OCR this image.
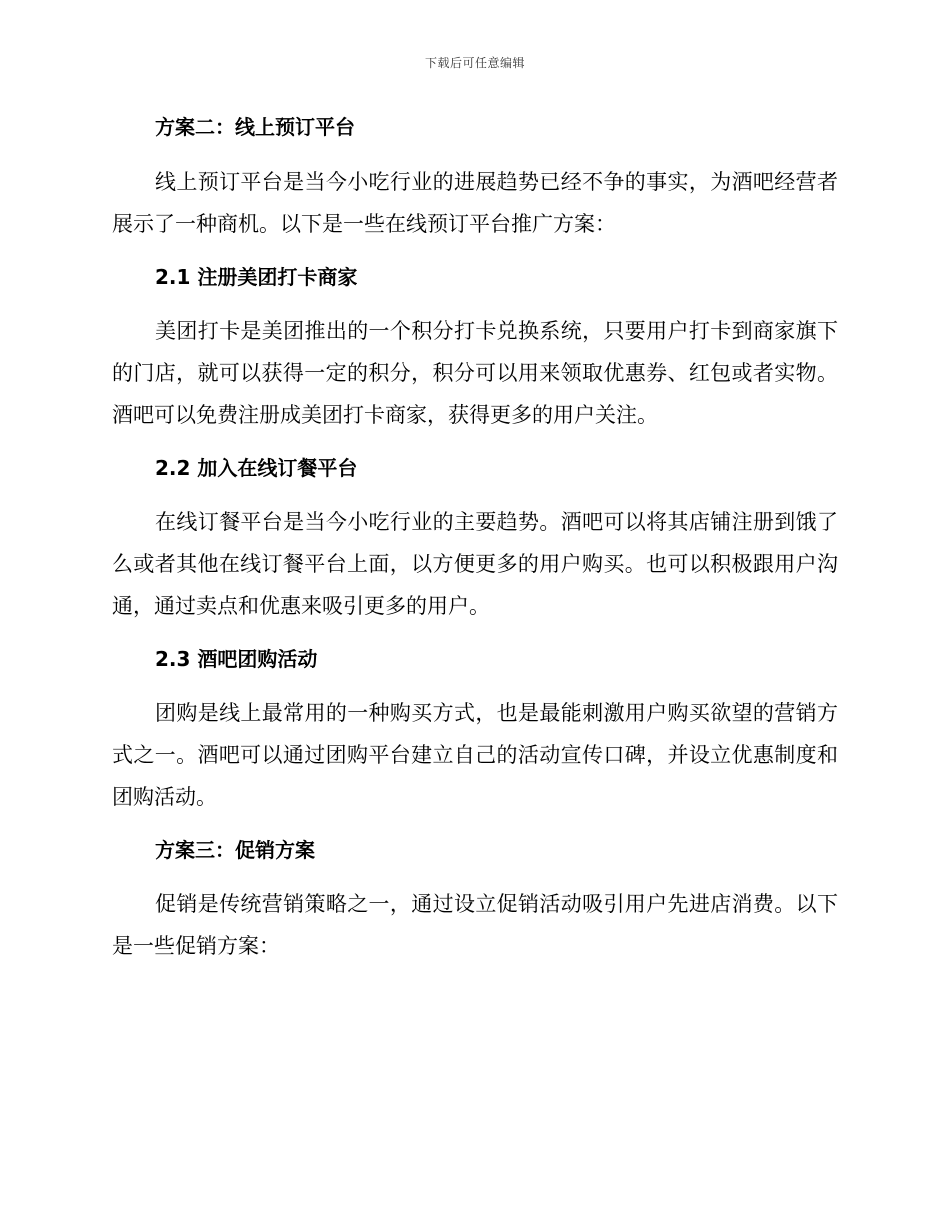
下载后可任意编辑
方案二：线上预订平台

线上预订平台是当今小吃行业的进展趋势已经不争的事实，为酒吧经营者展示了一种商机。以下是一些在线预订平台推广方案：

2.1 注册美团打卡商家

美团打卡是美团推出的一个积分打卡兑换系统，只要用户打卡到商家旗下的门店，就可以获得一定的积分，积分可以用来领取优惠券、红包或者实物。酒吧可以免费注册成美团打卡商家，获得更多的用户关注。

2.2 加入在线订餐平台

在线订餐平台是当今小吃行业的主要趋势。酒吧可以将其店铺注册到饿了么或者其他在线订餐平台上面，以方便更多的用户购买。也可以积极跟用户沟通，通过卖点和优惠来吸引更多的用户。

2.3 酒吧团购活动

团购是线上最常用的一种购买方式，也是最能刺激用户购买欲望的营销方式之一。酒吧可以通过团购平台建立自己的活动宣传口碑，并设立优惠制度和团购活动。

方案三：促销方案

促销是传统营销策略之一，通过设立促销活动吸引用户先进店消费。以下是一些促销方案：
